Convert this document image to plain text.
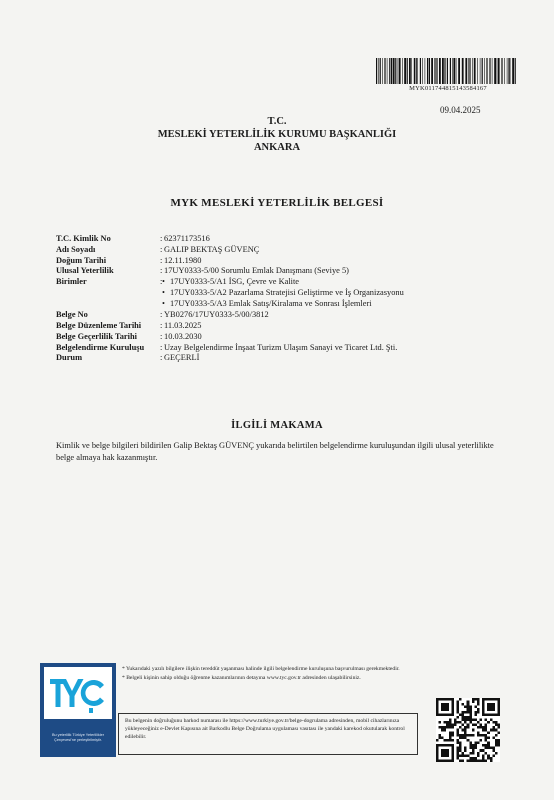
MYK011744815143584167
09.04.2025
T.C.
MESLEKİ YETERLİLİK KURUMU BAŞKANLIĞI
ANKARA
MYK MESLEKİ YETERLİLİK BELGESİ
T.C. Kimlik No	: 62371173516
Adı Soyadı	: GALIP BEKTAŞ GÜVENÇ
Doğum Tarihi	: 12.11.1980
Ulusal Yeterlilik	: 17UY0333-5/00 Sorumlu Emlak Danışmanı (Seviye 5)
Birimler	:
• 17UY0333-5/A1 İSG, Çevre ve Kalite
• 17UY0333-5/A2 Pazarlama Stratejisi Geliştirme ve İş Organizasyonu
• 17UY0333-5/A3 Emlak Satış/Kiralama ve Sonrası İşlemleri
Belge No	: YB0276/17UY0333-5/00/3812
Belge Düzenleme Tarihi	: 11.03.2025
Belge Geçerlilik Tarihi	: 10.03.2030
Belgelendirme Kuruluşu	: Uzay Belgelendirme İnşaat Turizm Ulaşım Sanayi ve Ticaret Ltd. Şti.
Durum	: GEÇERLİ
İLGİLİ MAKAMA
Kimlik ve belge bilgileri bildirilen Galip Bektaş GÜVENÇ yukarıda belirtilen belgelendirme kuruluşundan ilgili ulusal yeterlilikte belge almaya hak kazanmıştır.
Bu yeterlilik Türkiye Yeterlilikler Çerçevesi'ne yerleştirilmiştir.

* Yukarıdaki yazılı bilgilere ilişkin tereddüt yaşanması halinde ilgili belgelendirme kuruluşuna başvurulması gerekmektedir.

* Belgeli kişinin sahip olduğu öğrenme kazanımlarının detayına www.tyc.gov.tr adresinden ulaşabilirsiniz.

Bu belgenin doğruluğunu barkod numarası ile https://www.turkiye.gov.tr/belge-dogrulama adresinden, mobil cihazlarınıza yükleyeceğiniz e-Devlet Kapısına ait Barkodlu Belge Doğrulama uygulaması vasıtası ile yandaki karekod okutularak kontrol edilebilir.
